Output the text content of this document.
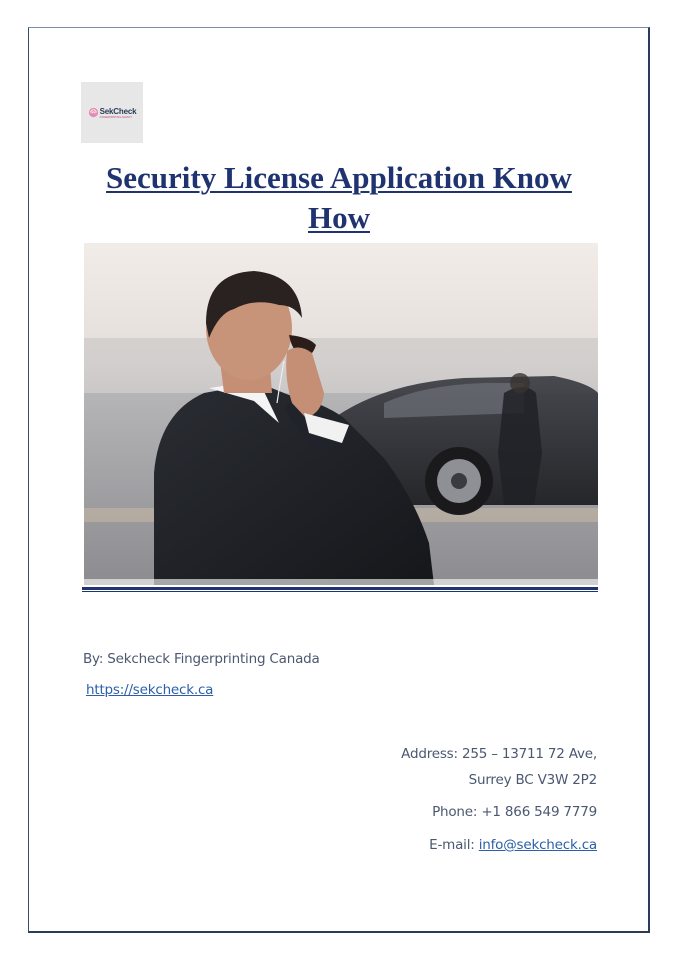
SekCheck
FINGERPRINTING AGENCY
Security License Application Know How
By: Sekcheck Fingerprinting Canada
https://sekcheck.ca
Address: 255 – 13711 72 Ave,
Surrey BC V3W 2P2
Phone: +1 866 549 7779
E-mail: info@sekcheck.ca
